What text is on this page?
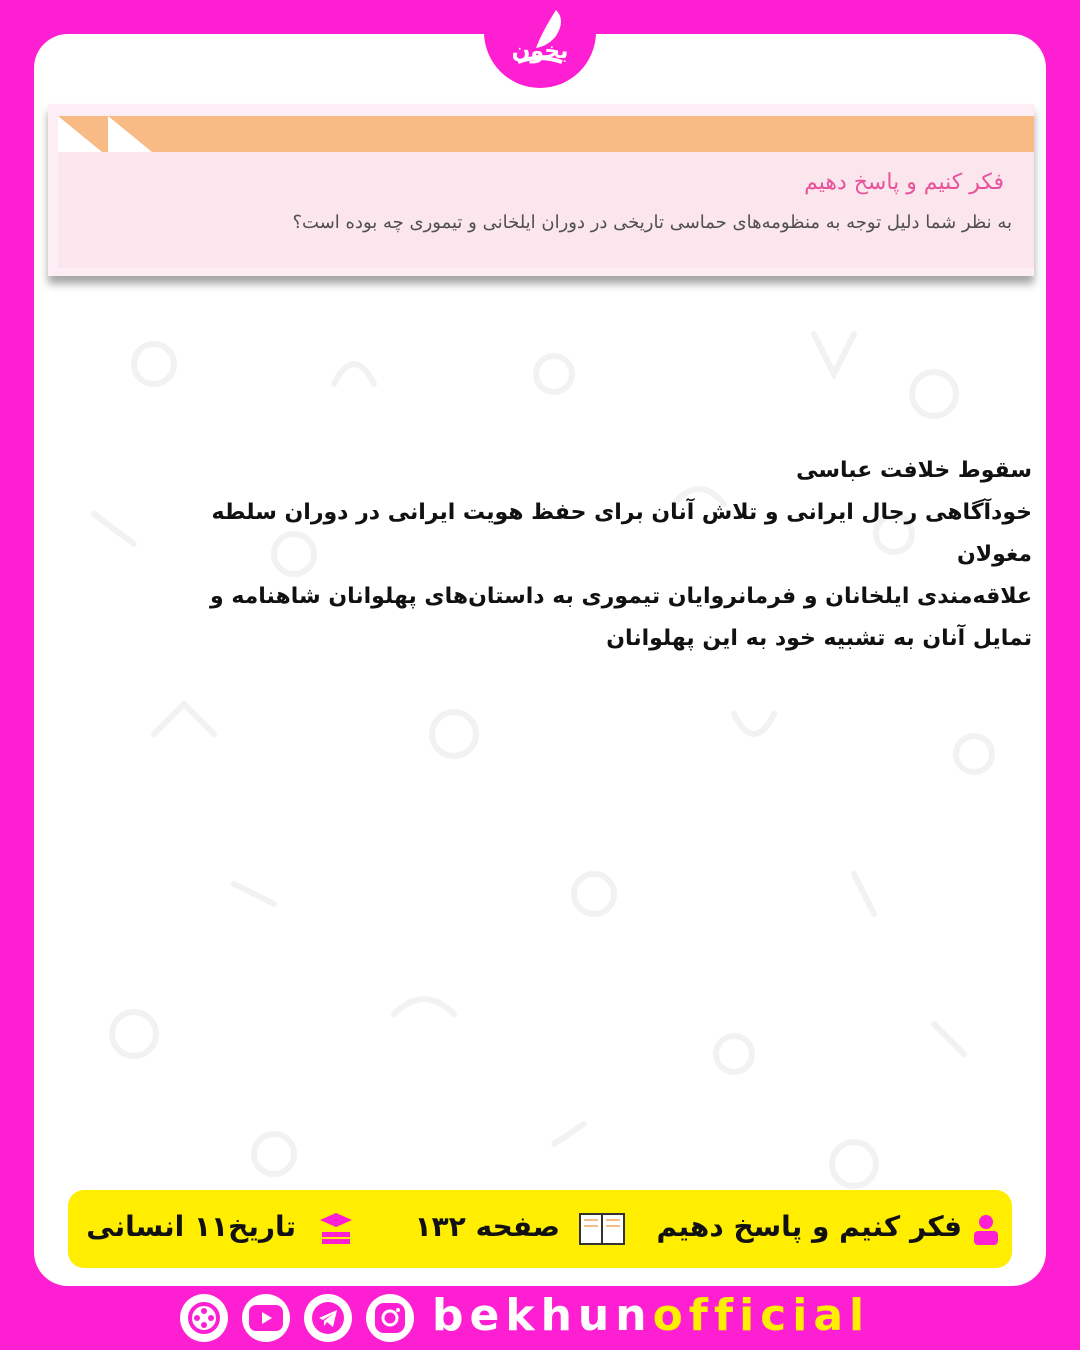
بخون
فکر کنیم و پاسخ دهیم
به نظر شما دلیل توجه به منظومه‌های حماسی تاریخی در دوران ایلخانی و تیموری چه بوده است؟
سقوط خلافت عباسی
خودآگاهی رجال ایرانی و تلاش آنان برای حفظ هویت ایرانی در دوران سلطه
مغولان
علاقه‌مندی ایلخانان و فرمانروایان تیموری به داستان‌های پهلوانان شاهنامه و
تمایل آنان به تشبیه خود به این پهلوانان
فکر کنیم و پاسخ دهیم
صفحه ۱۳۲
تاریخ۱۱ انسانی
bekhunofficial
